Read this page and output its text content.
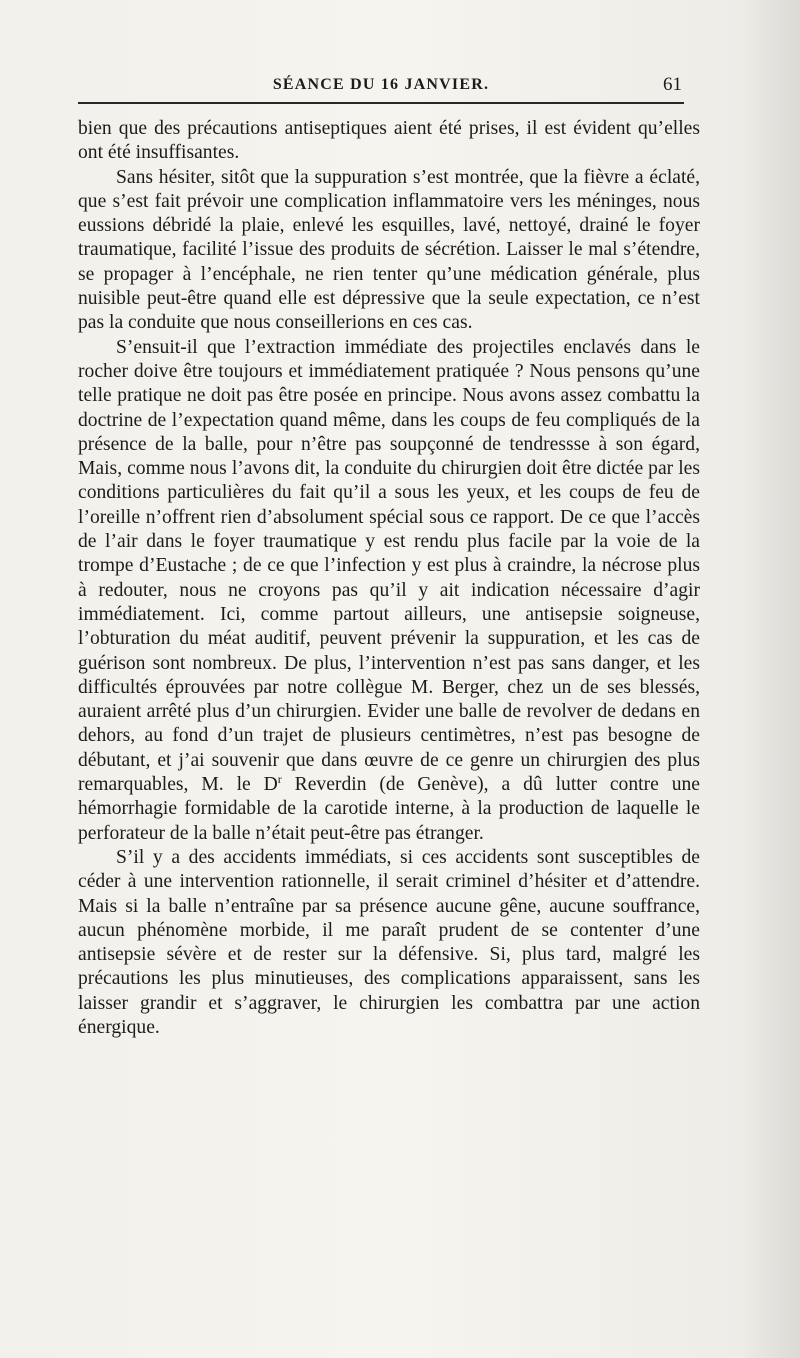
SÉANCE DU 16 JANVIER.	61

bien que des précautions antiseptiques aient été prises, il est évident qu’elles ont été insuffisantes.

Sans hésiter, sitôt que la suppuration s’est montrée, que la fièvre a éclaté, que s’est fait prévoir une complication inflammatoire vers les méninges, nous eussions débridé la plaie, enlevé les esquilles, lavé, nettoyé, drainé le foyer traumatique, facilité l’issue des produits de sécrétion. Laisser le mal s’étendre, se propager à l’encéphale, ne rien tenter qu’une médication générale, plus nuisible peut-être quand elle est dépressive que la seule expectation, ce n’est pas la conduite que nous conseillerions en ces cas.

S’ensuit-il que l’extraction immédiate des projectiles enclavés dans le rocher doive être toujours et immédiatement pratiquée ? Nous pensons qu’une telle pratique ne doit pas être posée en principe. Nous avons assez combattu la doctrine de l’expectation quand même, dans les coups de feu compliqués de la présence de la balle, pour n’être pas soupçonné de tendressse à son égard, Mais, comme nous l’avons dit, la conduite du chirurgien doit être dictée par les conditions particulières du fait qu’il a sous les yeux, et les coups de feu de l’oreille n’offrent rien d’absolument spécial sous ce rapport. De ce que l’accès de l’air dans le foyer traumatique y est rendu plus facile par la voie de la trompe d’Eustache ; de ce que l’infection y est plus à craindre, la nécrose plus à redouter, nous ne croyons pas qu’il y ait indication nécessaire d’agir immédiatement. Ici, comme partout ailleurs, une antisepsie soigneuse, l’obturation du méat auditif, peuvent prévenir la suppuration, et les cas de guérison sont nombreux. De plus, l’intervention n’est pas sans danger, et les difficultés éprouvées par notre collègue M. Berger, chez un de ses blessés, auraient arrêté plus d’un chirurgien. Evider une balle de revolver de dedans en dehors, au fond d’un trajet de plusieurs centimètres, n’est pas besogne de débutant, et j’ai souvenir que dans œuvre de ce genre un chirurgien des plus remarquables, M. le $D^r$ Reverdin (de Genève), a dû lutter contre une hémorrhagie formidable de la carotide interne, à la production de laquelle le perforateur de la balle n’était peut-être pas étranger.

S’il y a des accidents immédiats, si ces accidents sont susceptibles de céder à une intervention rationnelle, il serait criminel d’hésiter et d’attendre. Mais si la balle n’entraîne par sa présence aucune gêne, aucune souffrance, aucun phénomène morbide, il me paraît prudent de se contenter d’une antisepsie sévère et de rester sur la défensive. Si, plus tard, malgré les précautions les plus minutieuses, des complications apparaissent, sans les laisser grandir et s’aggraver, le chirurgien les combattra par une action énergique.
